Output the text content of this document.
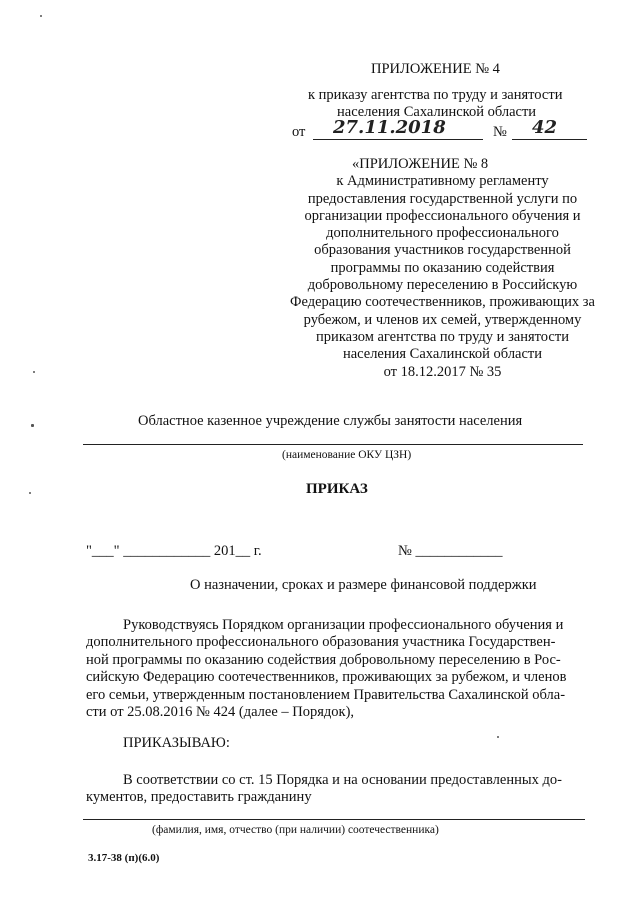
ПРИЛОЖЕНИЕ № 4
к приказу агентства по труду и занятости
населения Сахалинской области
от 27.11.2018	№ 42
«ПРИЛОЖЕНИЕ № 8
к Административному регламенту
предоставления государственной услуги по
организации профессионального обучения и
дополнительного профессионального
образования участников государственной
программы по оказанию содействия
добровольному переселению в Российскую
Федерацию соотечественников, проживающих за
рубежом, и членов их семей, утвержденному
приказом агентства по труду и занятости
населения Сахалинской области
от 18.12.2017 № 35
Областное казенное учреждение службы занятости населения
(наименование ОКУ ЦЗН)
ПРИКАЗ
"___" ____________ 201__ г.	№ ____________
О назначении, сроках и размере финансовой поддержки

Руководствуясь Порядком организации профессионального обучения и

дополнительного профессионального образования участника Государствен-

ной программы по оказанию содействия добровольному переселению в Рос-

сийскую Федерацию соотечественников, проживающих за рубежом, и членов

его семьи, утвержденным постановлением Правительства Сахалинской обла-

сти от 25.08.2016 № 424 (далее – Порядок),

ПРИКАЗЫВАЮ:

В соответствии со ст. 15 Порядка и на основании предоставленных до-

кументов, предоставить гражданину

(фамилия, имя, отчество (при наличии) соотечественника)
3.17-38 (п)(6.0)
